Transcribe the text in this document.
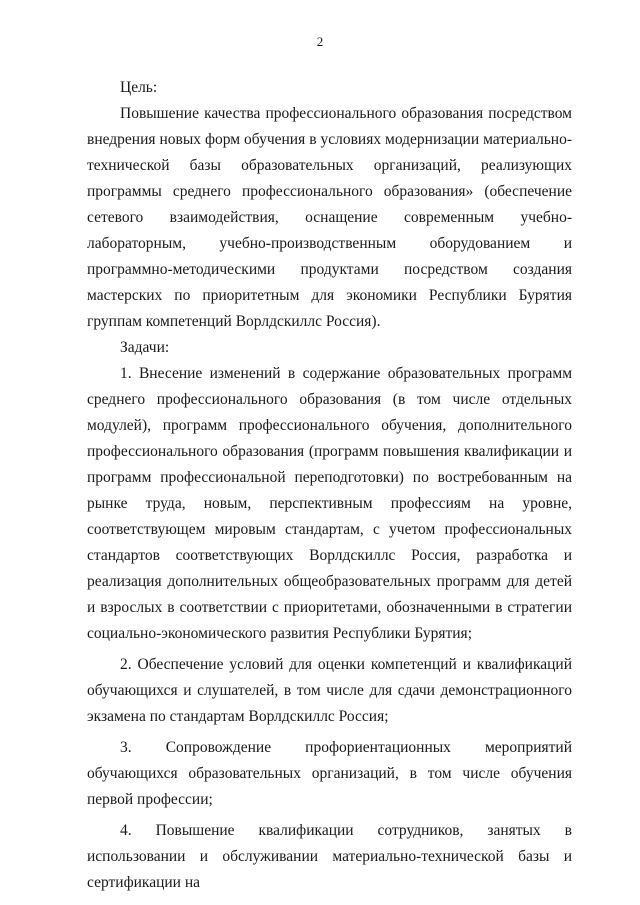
2

Цель:

Повышение качества профессионального образования посредством внедрения новых форм обучения в условиях модернизации материально-технической базы образовательных организаций, реализующих программы среднего профессионального образования» (обеспечение сетевого взаимодействия, оснащение современным учебно-лабораторным, учебно-производственным оборудованием и программно-методическими продуктами посредством создания мастерских по приоритетным для экономики Республики Бурятия группам компетенций Ворлдскиллс Россия).

Задачи:

1. Внесение изменений в содержание образовательных программ среднего профессионального образования (в том числе отдельных модулей), программ профессионального обучения, дополнительного профессионального образования (программ повышения квалификации и программ профессиональной переподготовки) по востребованным на рынке труда, новым, перспективным профессиям на уровне, соответствующем мировым стандартам, с учетом профессиональных стандартов соответствующих Ворлдскиллс Россия, разработка и реализация дополнительных общеобразовательных программ для детей и взрослых в соответствии с приоритетами, обозначенными в стратегии социально-экономического развития Республики Бурятия;

2. Обеспечение условий для оценки компетенций и квалификаций обучающихся и слушателей, в том числе для сдачи демонстрационного экзамена по стандартам Ворлдскиллс Россия;

3. Сопровождение профориентационных мероприятий обучающихся образовательных организаций, в том числе обучения первой профессии;

4. Повышение квалификации сотрудников, занятых в использовании и обслуживании материально-технической базы и сертификации на
